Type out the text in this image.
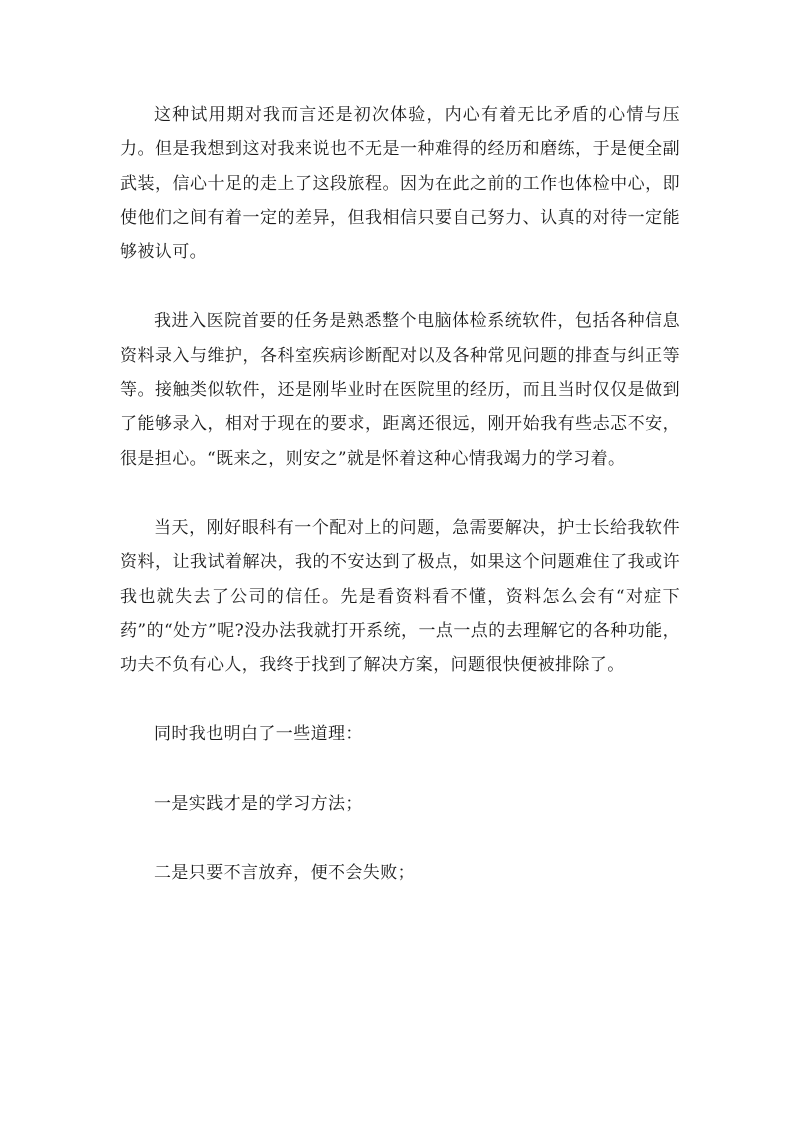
这种试用期对我而言还是初次体验，内心有着无比矛盾的心情与压力。但是我想到这对我来说也不无是一种难得的经历和磨练，于是便全副武装，信心十足的走上了这段旅程。因为在此之前的工作也体检中心，即使他们之间有着一定的差异，但我相信只要自己努力、认真的对待一定能够被认可。

我进入医院首要的任务是熟悉整个电脑体检系统软件，包括各种信息资料录入与维护，各科室疾病诊断配对以及各种常见问题的排查与纠正等等。接触类似软件，还是刚毕业时在医院里的经历，而且当时仅仅是做到了能够录入，相对于现在的要求，距离还很远，刚开始我有些忐忑不安，很是担心。“既来之，则安之”就是怀着这种心情我竭力的学习着。

当天，刚好眼科有一个配对上的问题，急需要解决，护士长给我软件资料，让我试着解决，我的不安达到了极点，如果这个问题难住了我或许我也就失去了公司的信任。先是看资料看不懂，资料怎么会有“对症下药”的“处方”呢?没办法我就打开系统，一点一点的去理解它的各种功能，功夫不负有心人，我终于找到了解决方案，问题很快便被排除了。

同时我也明白了一些道理：

一是实践才是的学习方法；

二是只要不言放弃，便不会失败；
